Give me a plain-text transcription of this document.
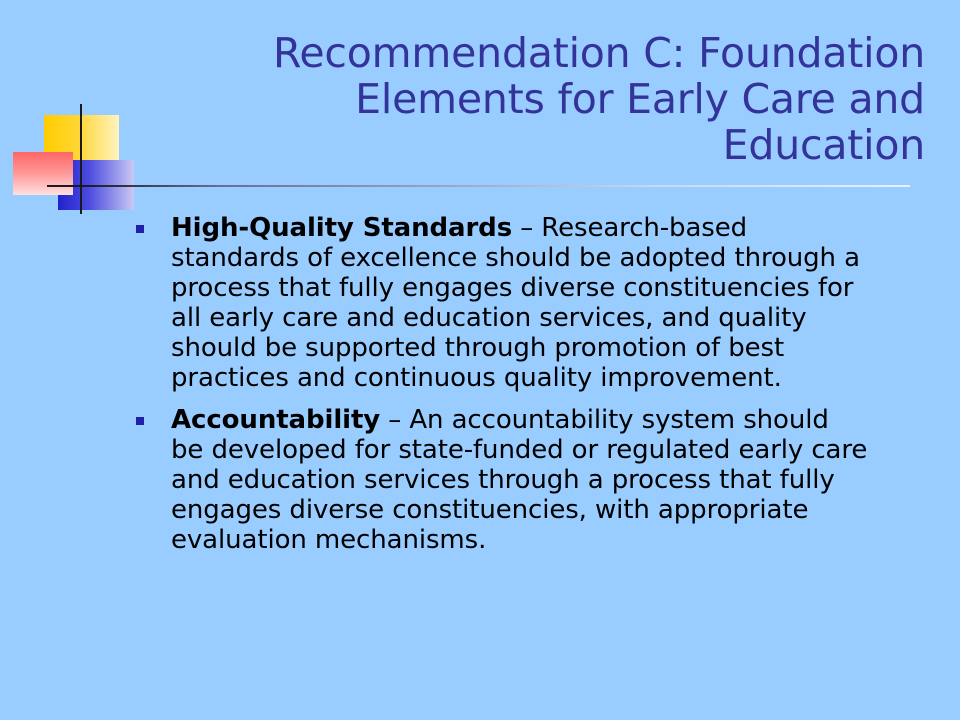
Recommendation C: Foundation
Elements for Early Care and
Education
High-Quality Standards – Research-based
standards of excellence should be adopted through a
process that fully engages diverse constituencies for
all early care and education services, and quality
should be supported through promotion of best
practices and continuous quality improvement.
Accountability – An accountability system should
be developed for state-funded or regulated early care
and education services through a process that fully
engages diverse constituencies, with appropriate
evaluation mechanisms.
